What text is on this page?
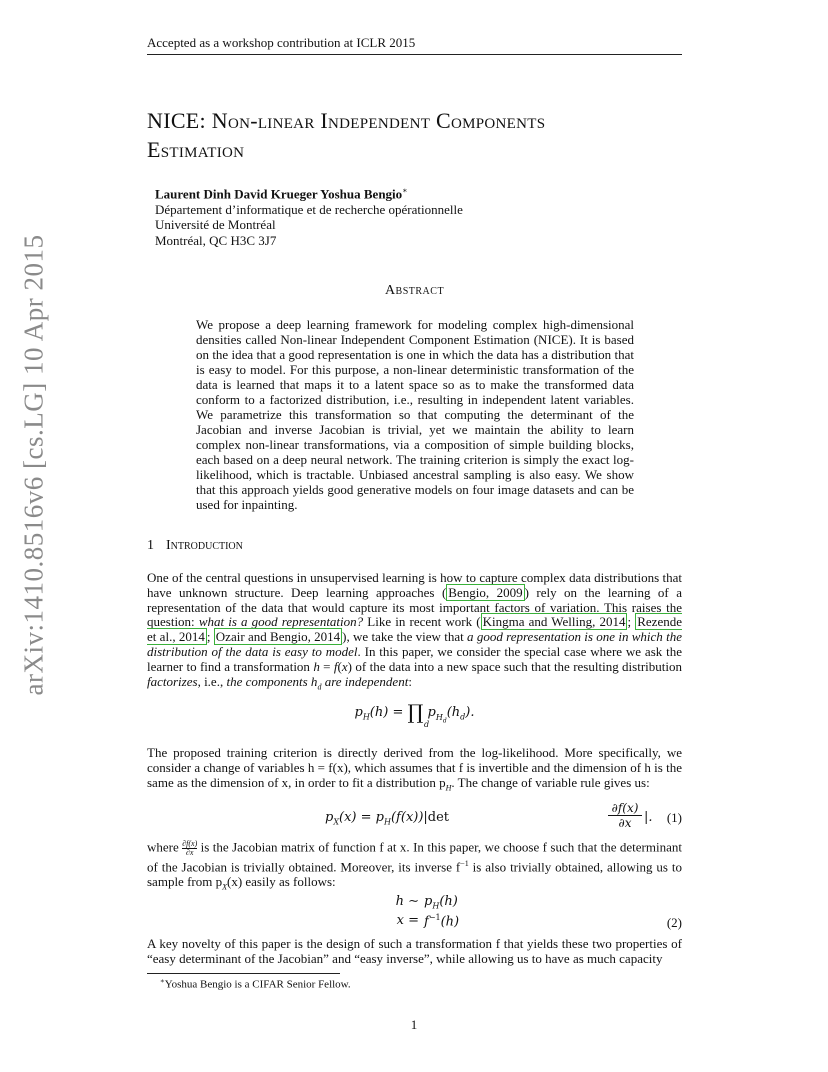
Accepted as a workshop contribution at ICLR 2015
arXiv:1410.8516v6 [cs.LG] 10 Apr 2015
NICE: Non-linear Independent Components
Estimation
Laurent Dinh David Krueger Yoshua Bengio∗
Département d’informatique et de recherche opérationnelle
Université de Montréal
Montréal, QC H3C 3J7
Abstract
We propose a deep learning framework for modeling complex high-dimensional densities called Non-linear Independent Component Estimation (NICE). It is based on the idea that a good representation is one in which the data has a distribution that is easy to model. For this purpose, a non-linear deterministic transformation of the data is learned that maps it to a latent space so as to make the transformed data conform to a factorized distribution, i.e., resulting in independent latent variables. We parametrize this transformation so that computing the determinant of the Jacobian and inverse Jacobian is trivial, yet we maintain the ability to learn complex non-linear transformations, via a composition of simple building blocks, each based on a deep neural network. The training criterion is simply the exact log-likelihood, which is tractable. Unbiased ancestral sampling is also easy. We show that this approach yields good generative models on four image datasets and can be used for inpainting.
1 Introduction
One of the central questions in unsupervised learning is how to capture complex data distributions that have unknown structure. Deep learning approaches ( Bengio, 2009 ) rely on the learning of a representation of the data that would capture its most important factors of variation. This raises the question: what is a good representation? Like in recent work ( Kingma and Welling, 2014 ; Rezende et al., 2014 ; Ozair and Bengio, 2014 ), we take the view that a good representation is one in which the distribution of the data is easy to model. In this paper, we consider the special case where we ask the learner to find a transformation h = f(x) of the data into a new space such that the resulting distribution factorizes, i.e., the components $h_d$ are independent:
$p_H(h)$ = ∏ $p_{H_d}(h_d)$.
d
The proposed training criterion is directly derived from the log-likelihood. More specifically, we consider a change of variables h = f(x), which assumes that f is invertible and the dimension of h is the same as the dimension of x, in order to fit a distribution $p_H$. The change of variable rule gives us:
$p_X(x) = p_H(f(x))|\det$
∂f(x)
∂x |. (1)
where $\frac{\partial f(x)}{\partial x}$ is the Jacobian matrix of function f at x. In this paper, we choose f such that the determinant of the Jacobian is trivially obtained. Moreover, its inverse $f^{-1}$ is also trivially obtained, allowing us to sample from $p_X(x)$ easily as follows:
h ∼ $p_H(h)$
$x = f^{-1}(h)$	(2)
A key novelty of this paper is the design of such a transformation f that yields these two properties of “easy determinant of the Jacobian” and “easy inverse”, while allowing us to have as much capacity
∗Yoshua Bengio is a CIFAR Senior Fellow.
1
